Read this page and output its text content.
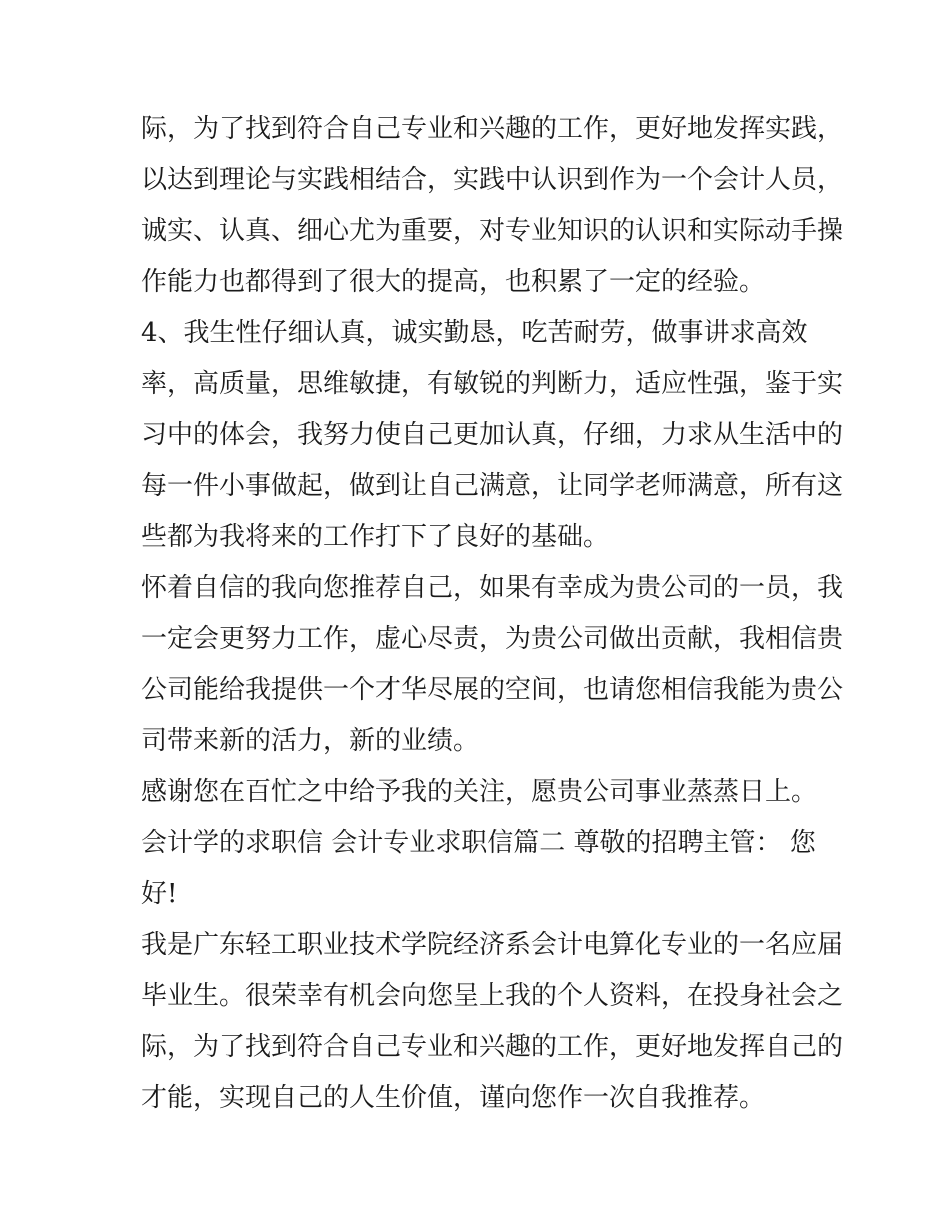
际，为了找到符合自己专业和兴趣的工作，更好地发挥实践，
以达到理论与实践相结合，实践中认识到作为一个会计人员，
诚实、认真、细心尤为重要，对专业知识的认识和实际动手操
作能力也都得到了很大的提高，也积累了一定的经验。
4、我生性仔细认真，诚实勤恳，吃苦耐劳，做事讲求高效
率，高质量，思维敏捷，有敏锐的判断力，适应性强，鉴于实
习中的体会，我努力使自己更加认真，仔细，力求从生活中的
每一件小事做起，做到让自己满意，让同学老师满意，所有这
些都为我将来的工作打下了良好的基础。
怀着自信的我向您推荐自己，如果有幸成为贵公司的一员，我
一定会更努力工作，虚心尽责，为贵公司做出贡献，我相信贵
公司能给我提供一个才华尽展的空间，也请您相信我能为贵公
司带来新的活力，新的业绩。
感谢您在百忙之中给予我的关注，愿贵公司事业蒸蒸日上。
会计学的求职信 会计专业求职信篇二 尊敬的招聘主管： 您
好!
我是广东轻工职业技术学院经济系会计电算化专业的一名应届
毕业生。很荣幸有机会向您呈上我的个人资料，在投身社会之
际，为了找到符合自己专业和兴趣的工作，更好地发挥自己的
才能，实现自己的人生价值，谨向您作一次自我推荐。
